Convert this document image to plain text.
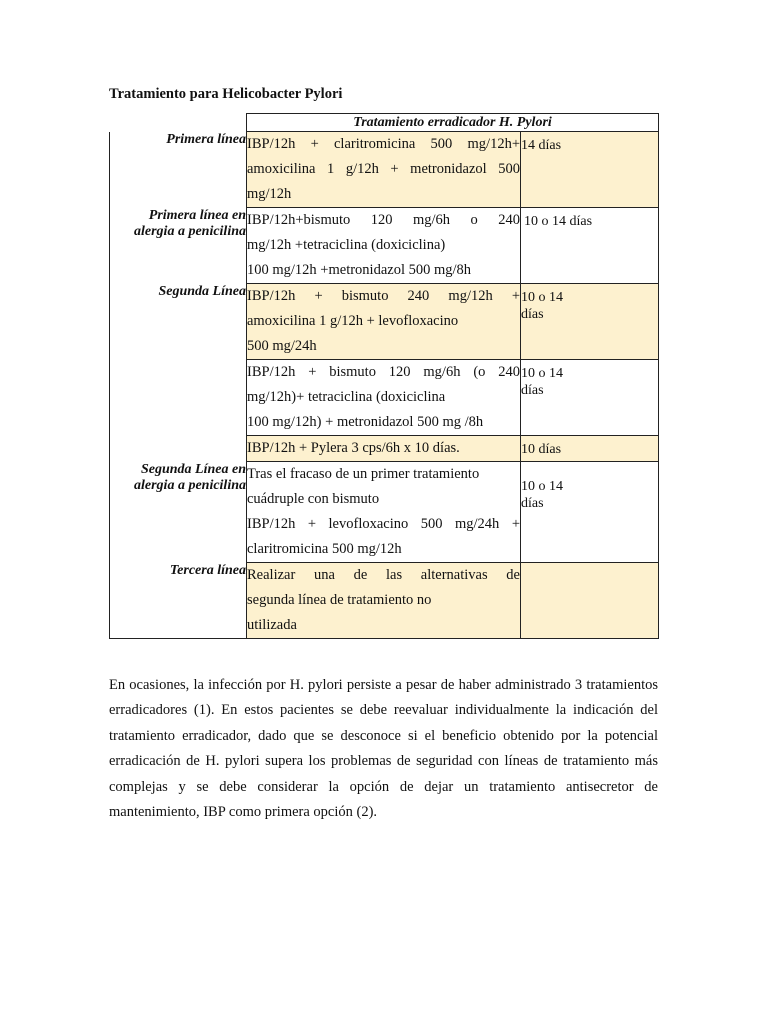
Tratamiento para Helicobacter Pylori
	Tratamiento erradicador H. Pylori	
Primera línea	IBP/12h + claritromicina 500 mg/12h+
amoxicilina 1 g/12h + metronidazol 500
mg/12h	14 días

Primera línea en alergia a penicilina	IBP/12h+bismuto 120 mg/6h o 240
mg/12h +tetraciclina (doxiciclina)
100 mg/12h +metronidazol 500 mg/8h	10 o 14 días

Segunda Línea	IBP/12h + bismuto 240 mg/12h +
amoxicilina 1 g/12h + levofloxacino
500 mg/24h	10 o 14
días

	IBP/12h + bismuto 120 mg/6h (o 240
mg/12h)+ tetraciclina (doxiciclina
100 mg/12h) + metronidazol 500 mg /8h	10 o 14
días

	IBP/12h + Pylera 3 cps/6h x 10 días.	10 días

Segunda Línea en alergia a penicilina	Tras el fracaso de un primer tratamiento
cuádruple con bismuto
IBP/12h + levofloxacino 500 mg/24h +
claritromicina 500 mg/12h	10 o 14
días

Tercera línea	Realizar una de las alternativas de
segunda línea de tratamiento no
utilizada	

En ocasiones, la infección por H. pylori persiste a pesar de haber administrado 3 tratamientos erradicadores (1). En estos pacientes se debe reevaluar individualmente la indicación del tratamiento erradicador, dado que se desconoce si el beneficio obtenido por la potencial erradicación de H. pylori supera los problemas de seguridad con líneas de tratamiento más complejas y se debe considerar la opción de dejar un tratamiento antisecretor de mantenimiento, IBP como primera opción (2).
